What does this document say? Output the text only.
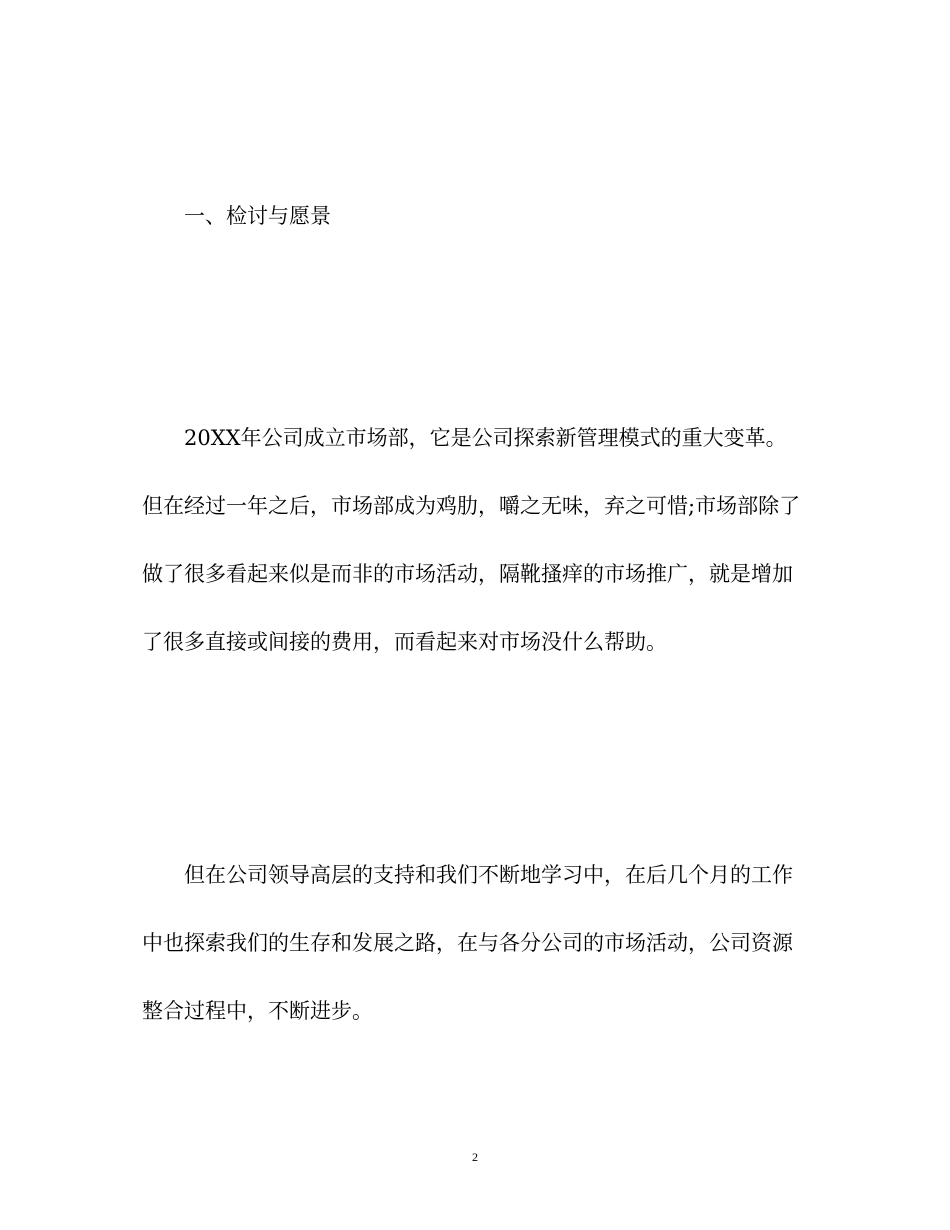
一、检讨与愿景

20XX年公司成立市场部，它是公司探索新管理模式的重大变革。但在经过一年之后，市场部成为鸡肋，嚼之无味，弃之可惜;市场部除了做了很多看起来似是而非的市场活动，隔靴搔痒的市场推广，就是增加了很多直接或间接的费用，而看起来对市场没什么帮助。

但在公司领导高层的支持和我们不断地学习中，在后几个月的工作中也探索我们的生存和发展之路，在与各分公司的市场活动，公司资源整合过程中，不断进步。

2
